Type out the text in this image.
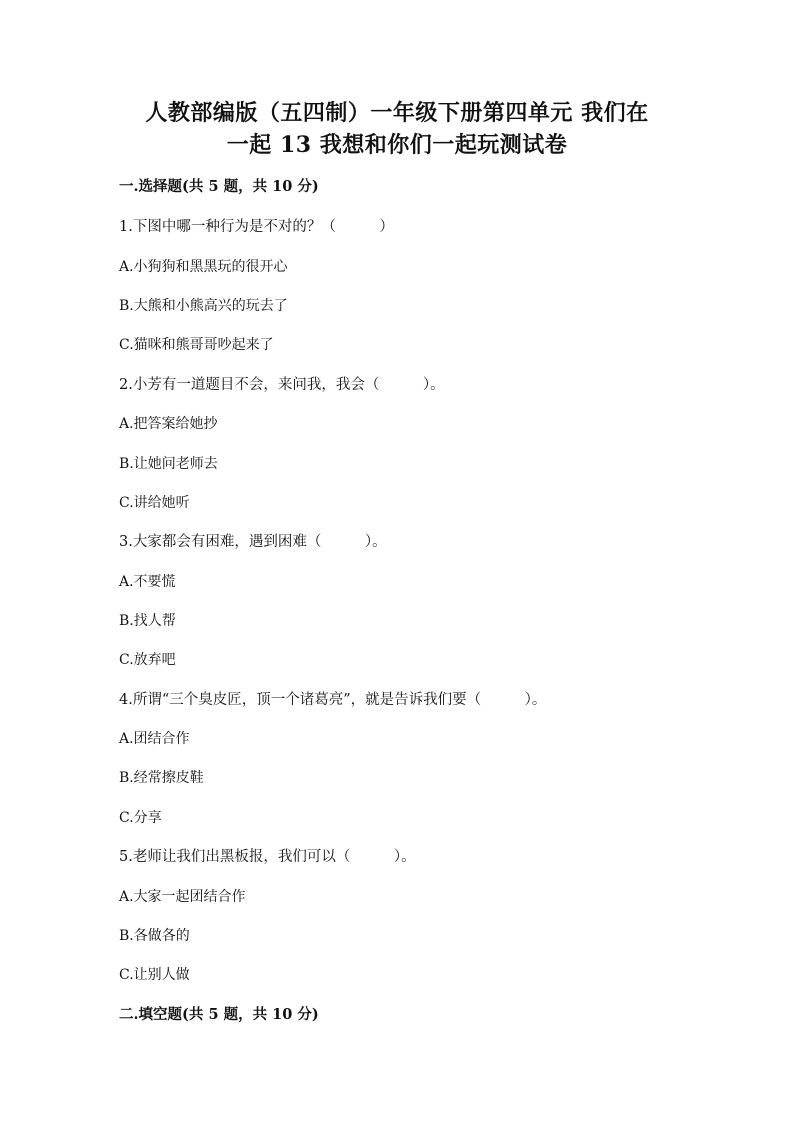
人教部编版（五四制）一年级下册第四单元 我们在
一起 13 我想和你们一起玩测试卷
一.选择题(共 5 题，共 10 分)
1.下图中哪一种行为是不对的？（　　　）
A.小狗狗和黑黑玩的很开心
B.大熊和小熊高兴的玩去了
C.猫咪和熊哥哥吵起来了
2.小芳有一道题目不会，来问我，我会（　　　）。
A.把答案给她抄
B.让她问老师去
C.讲给她听
3.大家都会有困难，遇到困难（　　　）。
A.不要慌
B.找人帮
C.放弃吧
4.所谓“三个臭皮匠，顶一个诸葛亮”，就是告诉我们要（　　　）。
A.团结合作
B.经常擦皮鞋
C.分享
5.老师让我们出黑板报，我们可以（　　　）。
A.大家一起团结合作
B.各做各的
C.让别人做
二.填空题(共 5 题，共 10 分)
